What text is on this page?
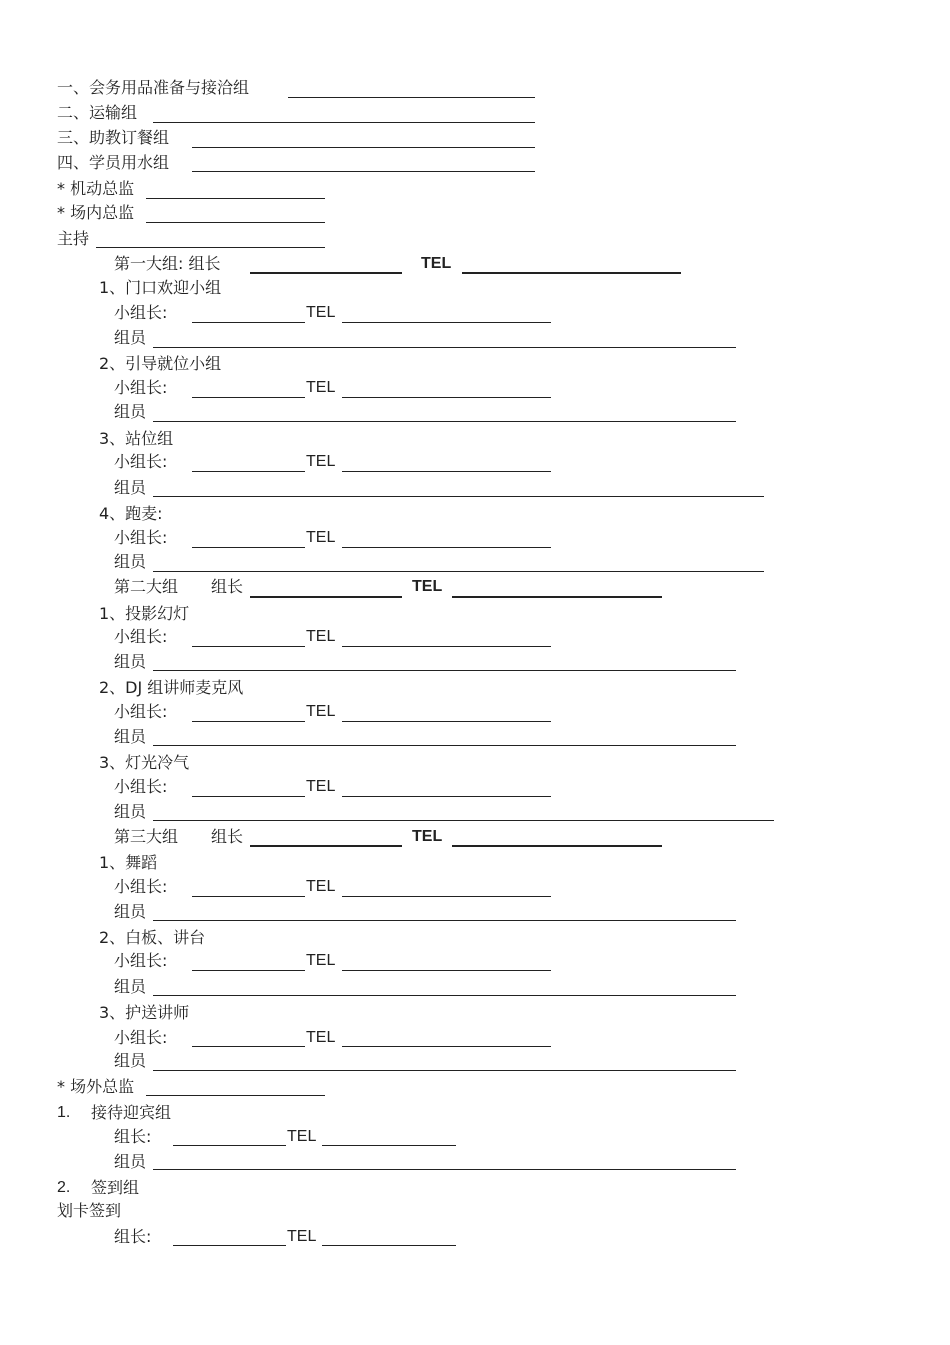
一、会务用品准备与接洽组
二、运输组
三、助教订餐组
四、学员用水组
* 机动总监
* 场内总监
主持
第一大组: 组长	TEL
1、门口欢迎小组
小组长:	TEL
组员
2、引导就位小组
小组长:	TEL
组员
3、站位组
小组长:	TEL
组员
4、跑麦:
小组长:	TEL
组员
第二大组 组长	TEL
1、投影幻灯
小组长:	TEL
组员
2、DJ 组讲师麦克风
小组长:	TEL
组员
3、灯光冷气
小组长:	TEL
组员
第三大组 组长	TEL
1、舞蹈
小组长:	TEL
组员
2、白板、讲台
小组长:	TEL
组员
3、护送讲师
小组长:	TEL
组员
* 场外总监
1. 接待迎宾组
组长:	TEL
组员
2. 签到组
划卡签到
组长:	TEL
